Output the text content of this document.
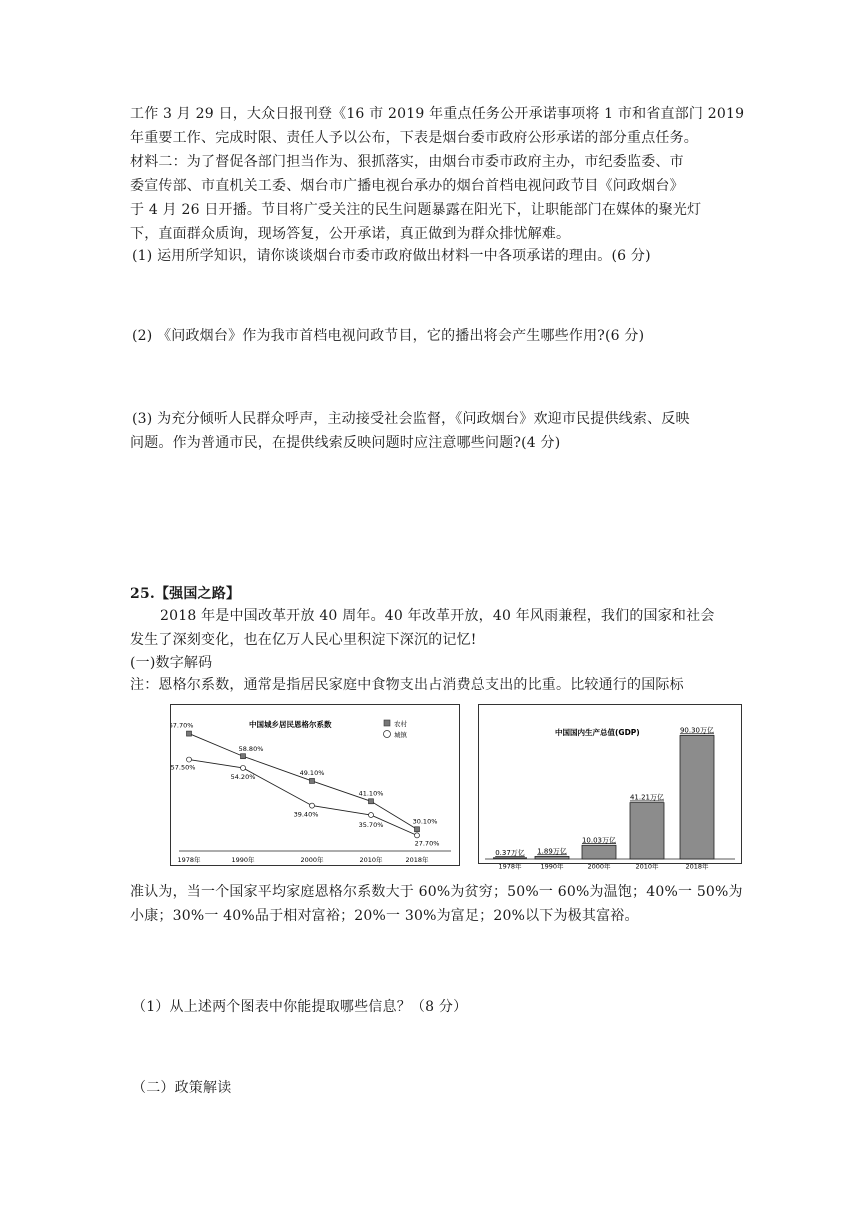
工作 3 月 29 日，大众日报刊登《16 市 2019 年重点任务公开承诺事项将 1 市和省直部门 2019
年重要工作、完成时限、责任人予以公布，下表是烟台委市政府公形承诺的部分重点任务。
材料二：为了督促各部门担当作为、狠抓落实，由烟台市委市政府主办，市纪委监委、市
委宣传部、市直机关工委、烟台市广播电视台承办的烟台首档电视问政节目《问政烟台》
于 4 月 26 日开播。节目将广受关注的民生问题暴露在阳光下，让职能部门在媒体的聚光灯
下，直面群众质询，现场答复，公开承诺，真正做到为群众排忧解难。
(1) 运用所学知识，请你谈谈烟台市委市政府做出材料一中各项承诺的理由。(6 分)
(2) 《问政烟台》作为我市首档电视问政节目，它的播出将会产生哪些作用?(6 分)
(3) 为充分倾听人民群众呼声，主动接受社会监督，《问政烟台》欢迎市民提供线索、反映
问题。作为普通市民，在提供线索反映问题时应注意哪些问题?(4 分)
25.【强国之路】
2018 年是中国改革开放 40 周年。40 年改革开放，40 年风雨兼程，我们的国家和社会
发生了深刻变化，也在亿万人民心里积淀下深沉的记忆!
(一)数字解码
注：恩格尔系数，通常是指居民家庭中食物支出占消费总支出的比重。比较通行的国际标
中国城乡居民恩格尔系数	农村
城镇
1978年	1990年	2000年	2010年	2018年
67.70%
58.80%
49.10%
41.10%
30.10%
57.50%
54.20%
39.40%
35.70%
27.70%
中国国内生产总值(GDP)
0.37万亿 1.89万亿
10.03万亿
41.21万亿
90.30万亿
1978年	1990年	2000年	2010年	2018年
准认为，当一个国家平均家庭恩格尔系数大于 60%为贫穷；50%一 60%为温饱；40%一 50%为
小康；30%一 40%品于相对富裕；20%一 30%为富足；20%以下为极其富裕。
（1）从上述两个图表中你能提取哪些信息？（8 分）
（二）政策解读
